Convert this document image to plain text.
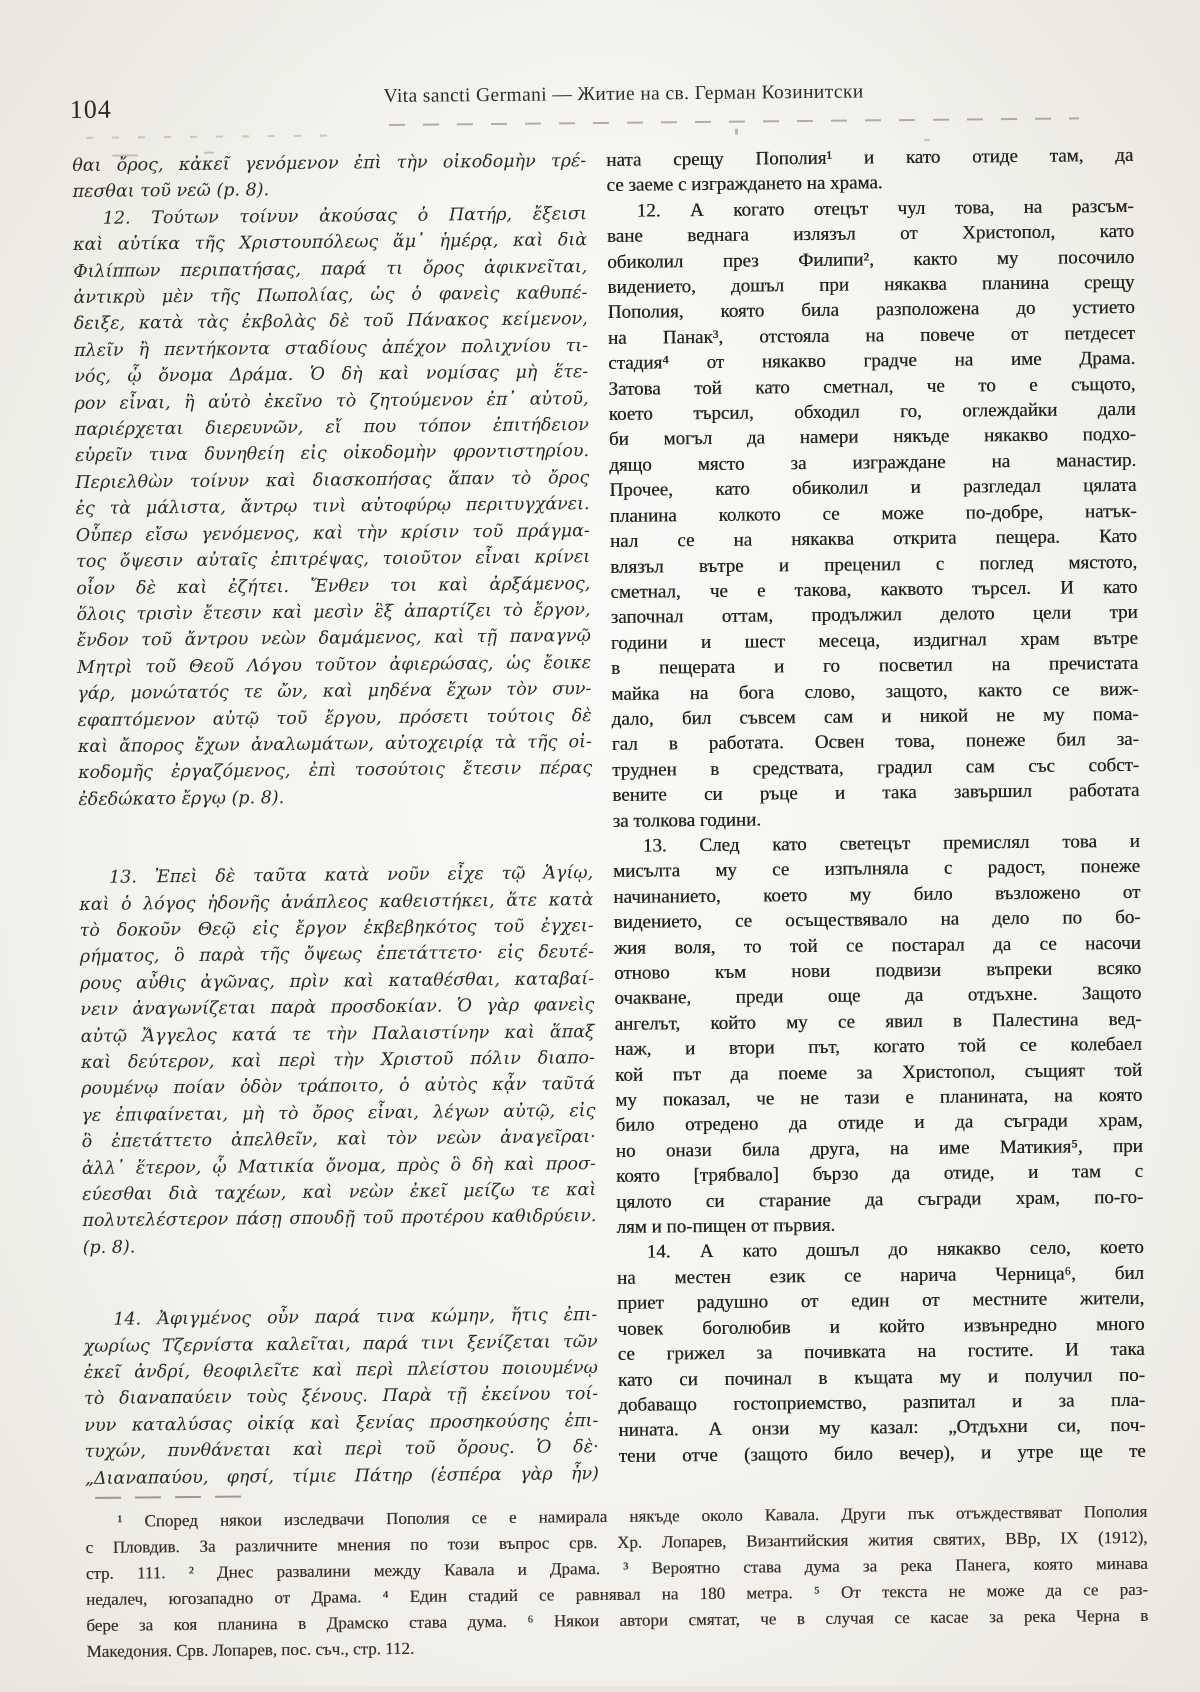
104
Vita sancti Germani — Житие на св. Герман Козинитски
θαι ὄρος, κἀκεῖ γενόμενον ἐπὶ τὴν οἰκοδομὴν τρέ-
πεσθαι τοῦ νεῶ (p. 8).
12. Τούτων τοίνυν ἀκούσας ὁ Πατήρ, ἔξεισι
καὶ αὐτίκα τῆς Χριστουπόλεως ἅμ᾽ ἡμέρᾳ, καὶ διὰ
Φιλίππων περιπατήσας, παρά τι ὄρος ἀφικνεῖται,
ἀντικρὺ μὲν τῆς Πωπολίας, ὡς ὁ φανεὶς καθυπέ-
δειξε, κατὰ τὰς ἐκβολὰς δὲ τοῦ Πάνακος κείμενον,
πλεῖν ἢ πεντήκοντα σταδίους ἀπέχον πολιχνίου τι-
νός, ᾧ ὄνομα Δράμα. Ὁ δὴ καὶ νομίσας μὴ ἕτε-
ρον εἶναι, ἢ αὐτὸ ἐκεῖνο τὸ ζητούμενον ἐπ᾽ αὐτοῦ,
παριέρχεται διερευνῶν, εἴ που τόπον ἐπιτήδειον
εὑρεῖν τινα δυνηθείη εἰς οἰκοδομὴν φροντιστηρίου.
Περιελθὼν τοίνυν καὶ διασκοπήσας ἅπαν τὸ ὄρος
ἐς τὰ μάλιστα, ἄντρῳ τινὶ αὐτοφύρῳ περιτυγχάνει.
Οὗπερ εἴσω γενόμενος, καὶ τὴν κρίσιν τοῦ πράγμα-
τος ὄψεσιν αὐταῖς ἐπιτρέψας, τοιοῦτον εἶναι κρίνει
οἷον δὲ καὶ ἐζήτει. Ἔνθεν τοι καὶ ἀρξάμενος,
ὅλοις τρισὶν ἔτεσιν καὶ μεσὶν ἓξ ἀπαρτίζει τὸ ἔργον,
ἔνδον τοῦ ἄντρου νεὼν δαμάμενος, καὶ τῇ παναγνῷ
Μητρὶ τοῦ Θεοῦ Λόγου τοῦτον ἀφιερώσας, ὡς ἔοικε
γάρ, μονώτατός τε ὤν, καὶ μηδένα ἔχων τὸν συν-
εφαπτόμενον αὐτῷ τοῦ ἔργου, πρόσετι τούτοις δὲ
καὶ ἄπορος ἔχων ἀναλωμάτων, αὐτοχειρίᾳ τὰ τῆς οἰ-
κοδομῆς ἐργαζόμενος, ἐπὶ τοσούτοις ἔτεσιν πέρας
ἐδεδώκατο ἔργῳ (p. 8).
13. Ἐπεὶ δὲ ταῦτα κατὰ νοῦν εἶχε τῷ Ἁγίῳ,
καὶ ὁ λόγος ἡδονῆς ἀνάπλεος καθειστήκει, ἅτε κατὰ
τὸ δοκοῦν Θεῷ εἰς ἔργον ἐκβεβηκότος τοῦ ἐγχει-
ρήματος, ὃ παρὰ τῆς ὄψεως ἐπετάττετο· εἰς δευτέ-
ρους αὖθις ἀγῶνας, πρὶν καὶ καταθέσθαι, καταβαί-
νειν ἀναγωνίζεται παρὰ προσδοκίαν. Ὁ γὰρ φανεὶς
αὐτῷ Ἄγγελος κατά τε τὴν Παλαιστίνην καὶ ἅπαξ
καὶ δεύτερον, καὶ περὶ τὴν Χριστοῦ πόλιν διαπο-
ρουμένῳ ποίαν ὁδὸν τράποιτο, ὁ αὐτὸς κᾆν ταῦτά
γε ἐπιφαίνεται, μὴ τὸ ὄρος εἶναι, λέγων αὐτῷ, εἰς
ὃ ἐπετάττετο ἀπελθεῖν, καὶ τὸν νεὼν ἀναγεῖραι·
ἀλλ᾽ ἕτερον, ᾧ Ματικία ὄνομα, πρὸς ὃ δὴ καὶ προσ-
εύεσθαι διὰ ταχέων, καὶ νεὼν ἐκεῖ μείζω τε καὶ
πολυτελέστερον πάσῃ σπουδῇ τοῦ προτέρου καθιδρύειν.
(p. 8).
14. Ἀφιγμένος οὖν παρά τινα κώμην, ἥτις ἐπι-
χωρίως Τζερνίστα καλεῖται, παρά τινι ξενίζεται τῶν
ἐκεῖ ἀνδρί, θεοφιλεῖτε καὶ περὶ πλείστου ποιουμένῳ
τὸ διαναπαύειν τοὺς ξένους. Παρὰ τῇ ἐκείνου τοί-
νυν καταλύσας οἰκίᾳ καὶ ξενίας προσηκούσης ἐπι-
τυχών, πυνθάνεται καὶ περὶ τοῦ ὄρους. Ὁ δὲ·
„Διαναπαύου, φησί, τίμιε Πάτηρ (ἑσπέρα γὰρ ἦν)
ната срещу Пополия¹ и като отиде там, да
се заеме с изграждането на храма.
12. А когато отецът чул това, на разсъм-
ване веднага излязъл от Христопол, като
обиколил през Филипи², както му посочило
видението, дошъл при някаква планина срещу
Пополия, която била разположена до устието
на Панак³, отстояла на повече от петдесет
стадия⁴ от някакво градче на име Драма.
Затова той като сметнал, че то е същото,
което търсил, обходил го, оглеждайки дали
би могъл да намери някъде някакво подхо-
дящо място за изграждане на манастир.
Прочее, като обиколил и разгледал цялата
планина колкото се може по-добре, натък-
нал се на някаква открита пещера. Като
влязъл вътре и преценил с поглед мястото,
сметнал, че е такова, каквото търсел. И като
започнал оттам, продължил делото цели три
години и шест месеца, издигнал храм вътре
в пещерата и го посветил на пречистата
майка на бога слово, защото, както се виж-
дало, бил съвсем сам и никой не му пома-
гал в работата. Освен това, понеже бил за-
труднен в средствата, градил сам със собст-
вените си ръце и така завършил работата
за толкова години.
13. След като светецът премислял това и
мисълта му се изпълняла с радост, понеже
начинанието, което му било възложено от
видението, се осъществявало на дело по бо-
жия воля, то той се постарал да се насочи
отново към нови подвизи въпреки всяко
очакване, преди още да отдъхне. Защото
ангелът, който му се явил в Палестина вед-
наж, и втори път, когато той се колебаел
кой път да поеме за Христопол, същият той
му показал, че не тази е планината, на която
било отредено да отиде и да съгради храм,
но онази била друга, на име Матикия⁵, при
която [трябвало] бързо да отиде, и там с
цялото си старание да съгради храм, по-го-
лям и по-пищен от първия.
14. А като дошъл до някакво село, което
на местен език се нарича Черница⁶, бил
приет радушно от един от местните жители,
човек боголюбив и който извънредно много
се грижел за почивката на гостите. И така
като си починал в къщата му и получил по-
добаващо гостоприемство, разпитал и за пла-
нината. А онзи му казал: „Отдъхни си, поч-
тени отче (защото било вечер), и утре ще те
¹ Според някои изследвачи Пополия се е намирала някъде около Кавала. Други пък отъждествяват Пополия
с Пловдив. За различните мнения по този въпрос срв. Хр. Лопарев, Византийския жития святих, ВВр, IX (1912),
стр. 111. ² Днес развалини между Кавала и Драма. ³ Вероятно става дума за река Панега, която минава
недалеч, югозападно от Драма. ⁴ Един стадий се равнявал на 180 метра. ⁵ От текста не може да се раз-
бере за коя планина в Драмско става дума. ⁶ Някои автори смятат, че в случая се касае за река Черна в
Македония. Срв. Лопарев, пос. съч., стр. 112.
